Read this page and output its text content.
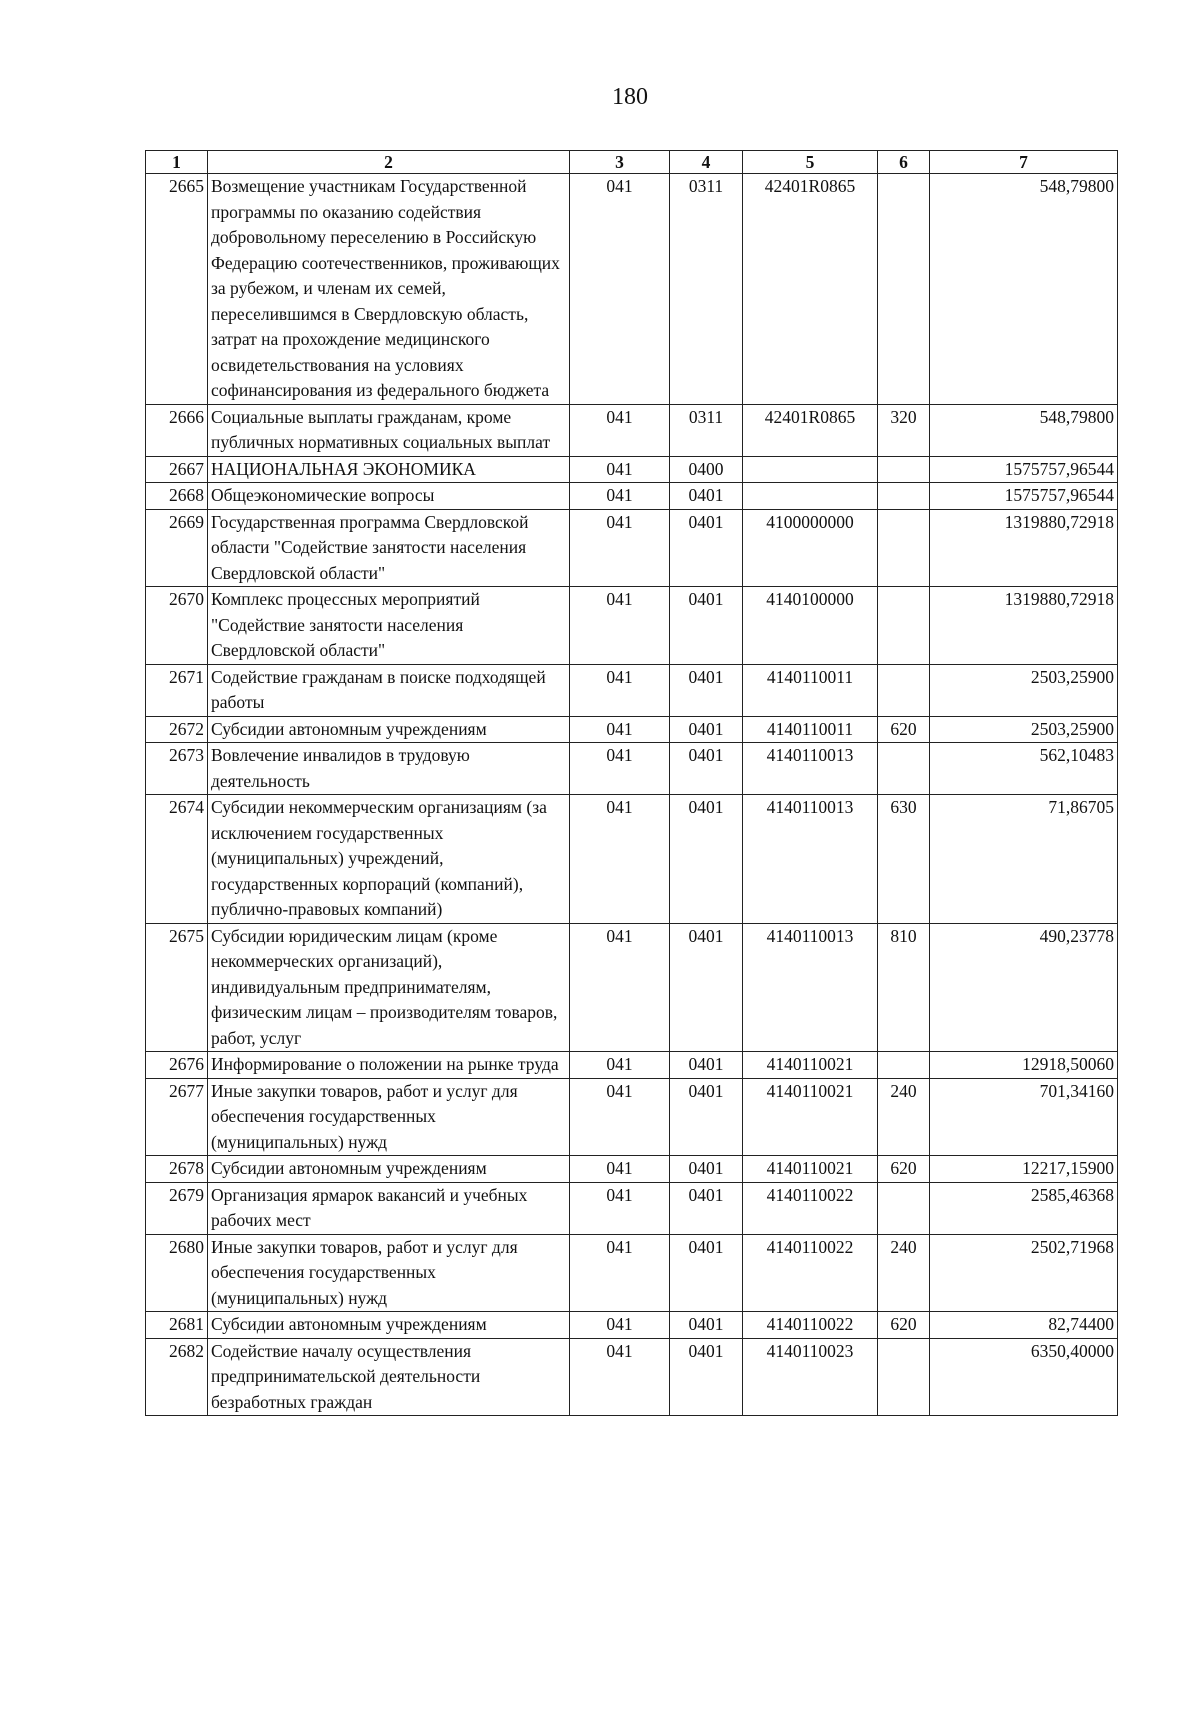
180
1	2	3	4	5	6	7
2665	Возмещение участникам Государственной программы по оказанию содействия добровольному переселению в Российскую Федерацию соотечественников, проживающих за рубежом, и членам их семей, переселившимся в Свердловскую область, затрат на прохождение медицинского освидетельствования на условиях софинансирования из федерального бюджета	041	0311	42401R0865		548,79800
2666	Социальные выплаты гражданам, кроме публичных нормативных социальных выплат	041	0311	42401R0865	320	548,79800
2667	НАЦИОНАЛЬНАЯ ЭКОНОМИКА	041	0400			1575757,96544
2668	Общеэкономические вопросы	041	0401			1575757,96544
2669	Государственная программа Свердловской области "Содействие занятости населения Свердловской области"	041	0401	4100000000		1319880,72918
2670	Комплекс процессных мероприятий "Содействие занятости населения Свердловской области"	041	0401	4140100000		1319880,72918
2671	Содействие гражданам в поиске подходящей работы	041	0401	4140110011		2503,25900
2672	Субсидии автономным учреждениям	041	0401	4140110011	620	2503,25900
2673	Вовлечение инвалидов в трудовую деятельность	041	0401	4140110013		562,10483
2674	Субсидии некоммерческим организациям (за исключением государственных (муниципальных) учреждений, государственных корпораций (компаний), публично-правовых компаний)	041	0401	4140110013	630	71,86705
2675	Субсидии юридическим лицам (кроме некоммерческих организаций), индивидуальным предпринимателям, физическим лицам – производителям товаров, работ, услуг	041	0401	4140110013	810	490,23778
2676	Информирование о положении на рынке труда	041	0401	4140110021		12918,50060
2677	Иные закупки товаров, работ и услуг для обеспечения государственных (муниципальных) нужд	041	0401	4140110021	240	701,34160
2678	Субсидии автономным учреждениям	041	0401	4140110021	620	12217,15900
2679	Организация ярмарок вакансий и учебных рабочих мест	041	0401	4140110022		2585,46368
2680	Иные закупки товаров, работ и услуг для обеспечения государственных (муниципальных) нужд	041	0401	4140110022	240	2502,71968
2681	Субсидии автономным учреждениям	041	0401	4140110022	620	82,74400
2682	Содействие началу осуществления предпринимательской деятельности безработных граждан	041	0401	4140110023		6350,40000
